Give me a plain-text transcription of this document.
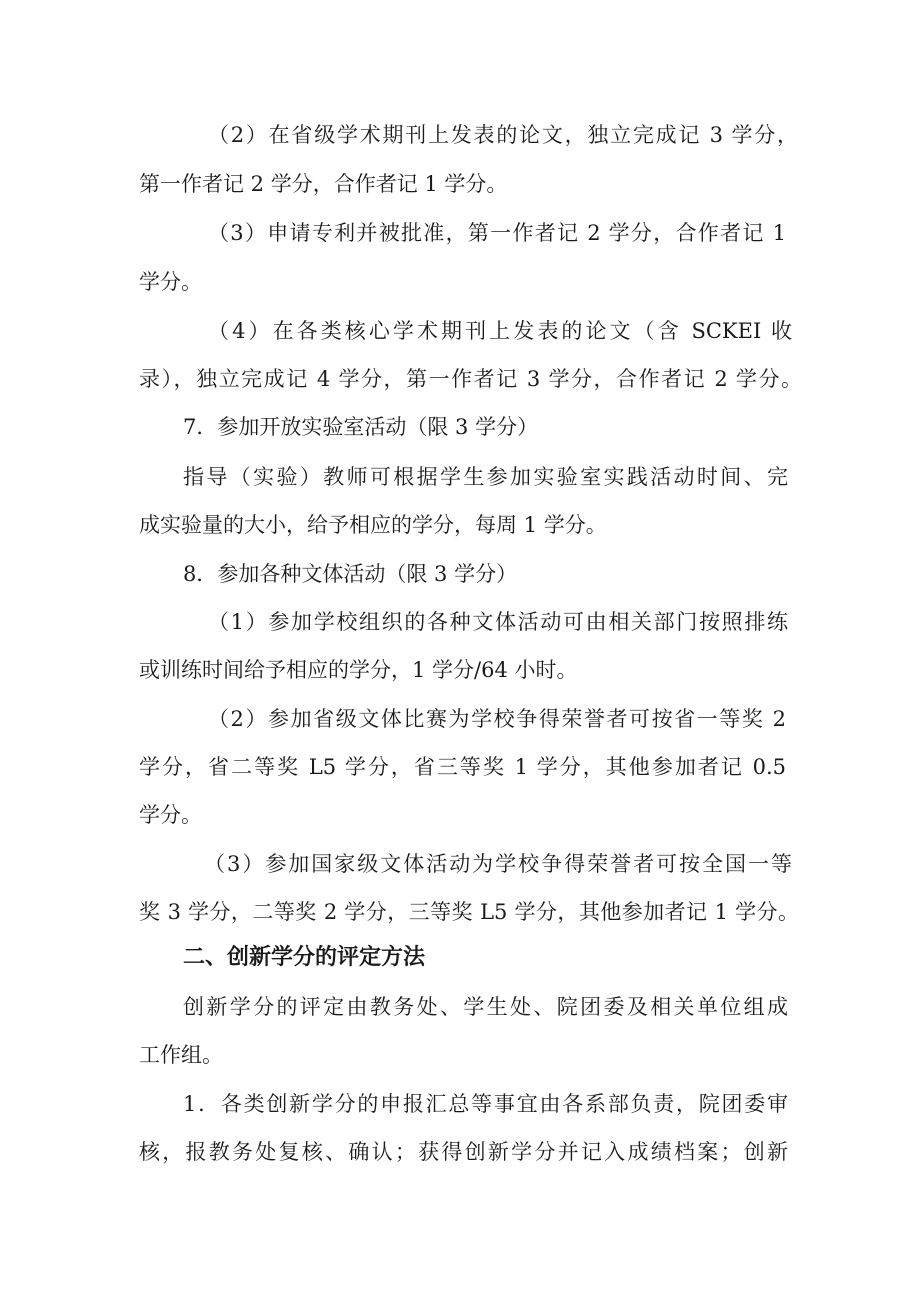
（2）在省级学术期刊上发表的论文，独立完成记 3 学分，
第一作者记 2 学分，合作者记 1 学分。
（3）申请专利并被批准，第一作者记 2 学分，合作者记 1
学分。
（4）在各类核心学术期刊上发表的论文（含 SCKEI 收
录），独立完成记 4 学分，第一作者记 3 学分，合作者记 2 学分。
7．参加开放实验室活动（限 3 学分）
指导（实验）教师可根据学生参加实验室实践活动时间、完
成实验量的大小，给予相应的学分，每周 1 学分。
8．参加各种文体活动（限 3 学分）
（1）参加学校组织的各种文体活动可由相关部门按照排练
或训练时间给予相应的学分，1 学分/64 小时。
（2）参加省级文体比赛为学校争得荣誉者可按省一等奖 2
学分，省二等奖 L5 学分，省三等奖 1 学分，其他参加者记 0.5
学分。
（3）参加国家级文体活动为学校争得荣誉者可按全国一等
奖 3 学分，二等奖 2 学分，三等奖 L5 学分，其他参加者记 1 学分。
二、创新学分的评定方法
创新学分的评定由教务处、学生处、院团委及相关单位组成
工作组。
1．各类创新学分的申报汇总等事宜由各系部负责，院团委审
核，报教务处复核、确认；获得创新学分并记入成绩档案；创新
